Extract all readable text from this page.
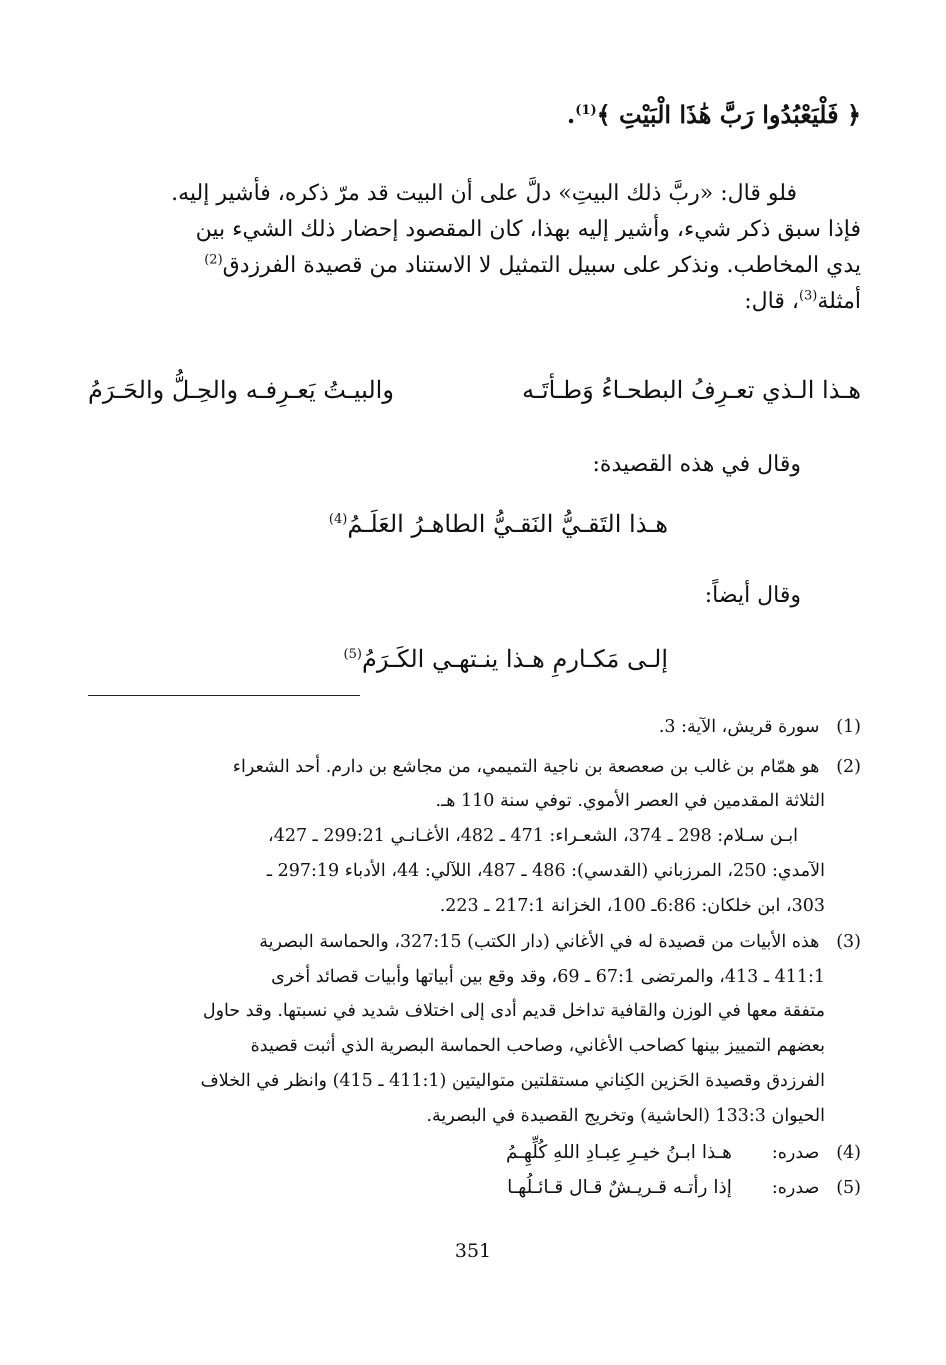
﴿ فَلْيَعْبُدُوا رَبَّ هَٰذَا الْبَيْتِ ﴾$^{(1)}$.
فلو قال: «ربَّ ذلك البيتِ» دلَّ على أن البيت قد مرّ ذكره، فأشير إليه.
فإذا سبق ذكر شيء، وأشير إليه بهذا، كان المقصود إحضار ذلك الشيء بين
يدي المخاطب. ونذكر على سبيل التمثيل لا الاستناد من قصيدة الفرزدق$^{(2)}$
أمثلة$^{(3)}$، قال:
هـذا الـذي تعـرِفُ البطحـاءُ وَطـأتَـه
والبيـتُ يَعـرِفـه والحِـلُّ والحَـرَمُ
وقال في هذه القصيدة:
هـذا التَقـيُّ النَقـيُّ الطاهـرُ العَلَـمُ$^{(4)}$
وقال أيضاً:
إلـى مَكـارمِ هـذا ينـتهـي الكَـرَمُ$^{(5)}$
(1) سورة قريش، الآية: 3.
(2) هو همّام بن غالب بن صعصعة بن ناجية التميمي، من مجاشع بن دارم. أحد الشعراء
الثلاثة المقدمين في العصر الأموي. توفي سنة 110 هـ.
ابـن سـلام: 298 ـ 374، الشعـراء: 471 ـ 482، الأغـانـي 299:21 ـ 427،
الآمدي: 250، المرزباني (القدسي): 486 ـ 487، اللآلي: 44، الأدباء 297:19 ـ
303، ابن خلكان: 6:86ـ 100، الخزانة 217:1 ـ 223.
(3) هذه الأبيات من قصيدة له في الأغاني (دار الكتب) 327:15، والحماسة البصرية
411:1 ـ 413، والمرتضى 67:1 ـ 69، وقد وقع بين أبياتها وأبيات قصائد أخرى
متفقة معها في الوزن والقافية تداخل قديم أدى إلى اختلاف شديد في نسبتها. وقد حاول
بعضهم التمييز بينها كصاحب الأغاني، وصاحب الحماسة البصرية الذي أثبت قصيدة
الفرزدق وقصيدة الحَزين الكِناني مستقلتين متواليتين (411:1 ـ 415) وانظر في الخلاف
الحيوان 133:3 (الحاشية) وتخريج القصيدة في البصرية.
(4) صدره: هـذا ابـنُ خيـرِ عِبـادِ اللهِ كُلِّهِـمُ
(5) صدره: إذا رأتـه قـريـشٌ قـال قـائـلُهـا
351
